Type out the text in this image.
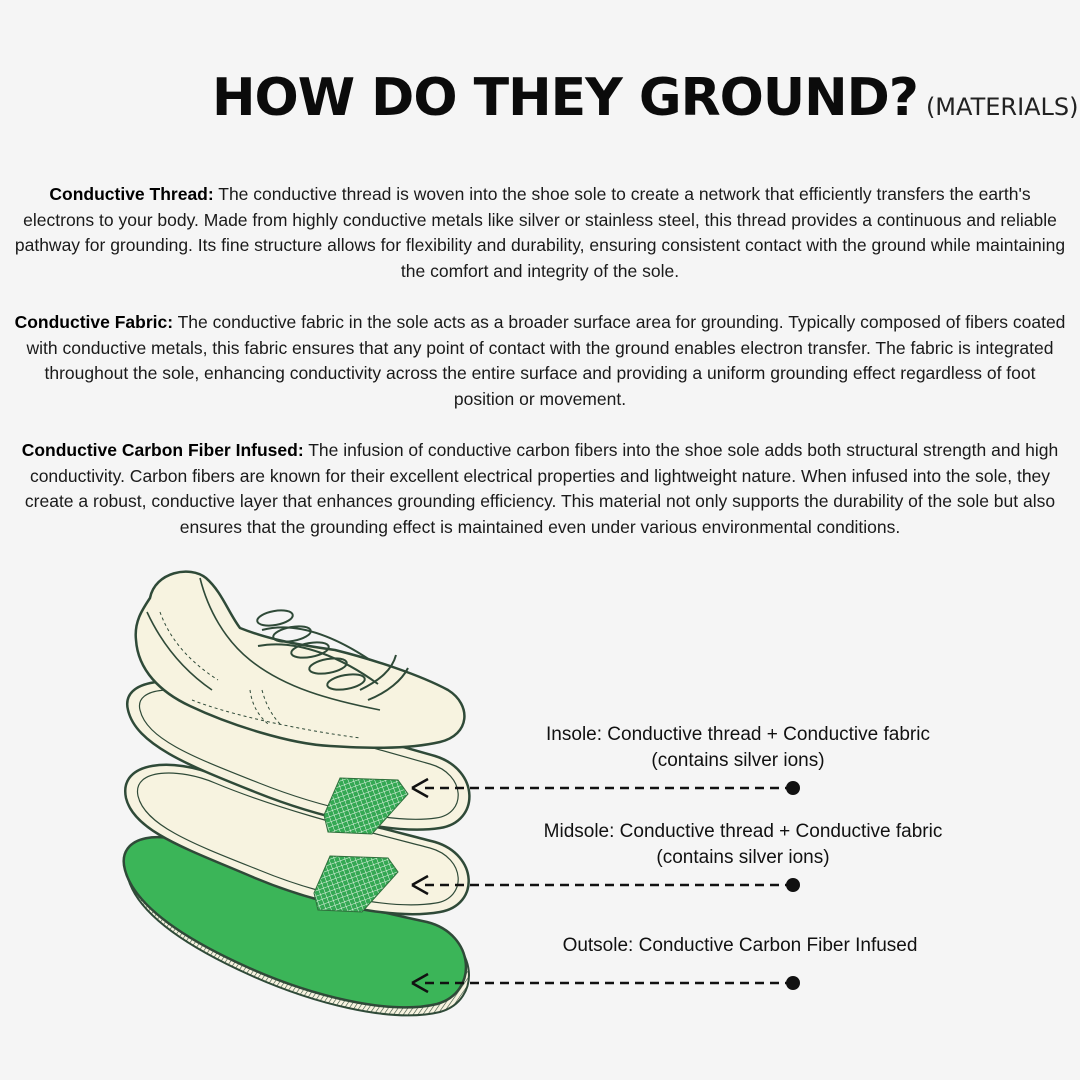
HOW DO THEY GROUND? (MATERIALS)
Conductive Thread: The conductive thread is woven into the shoe sole to create a network that efficiently transfers the earth's electrons to your body. Made from highly conductive metals like silver or stainless steel, this thread provides a continuous and reliable pathway for grounding. Its fine structure allows for flexibility and durability, ensuring consistent contact with the ground while maintaining the comfort and integrity of the sole.
Conductive Fabric: The conductive fabric in the sole acts as a broader surface area for grounding. Typically composed of fibers coated with conductive metals, this fabric ensures that any point of contact with the ground enables electron transfer. The fabric is integrated throughout the sole, enhancing conductivity across the entire surface and providing a uniform grounding effect regardless of foot position or movement.
Conductive Carbon Fiber Infused: The infusion of conductive carbon fibers into the shoe sole adds both structural strength and high conductivity. Carbon fibers are known for their excellent electrical properties and lightweight nature. When infused into the sole, they create a robust, conductive layer that enhances grounding efficiency. This material not only supports the durability of the sole but also ensures that the grounding effect is maintained even under various environmental conditions.
Insole: Conductive thread + Conductive fabric
(contains silver ions)
Midsole: Conductive thread + Conductive fabric
(contains silver ions)
Outsole: Conductive Carbon Fiber Infused
